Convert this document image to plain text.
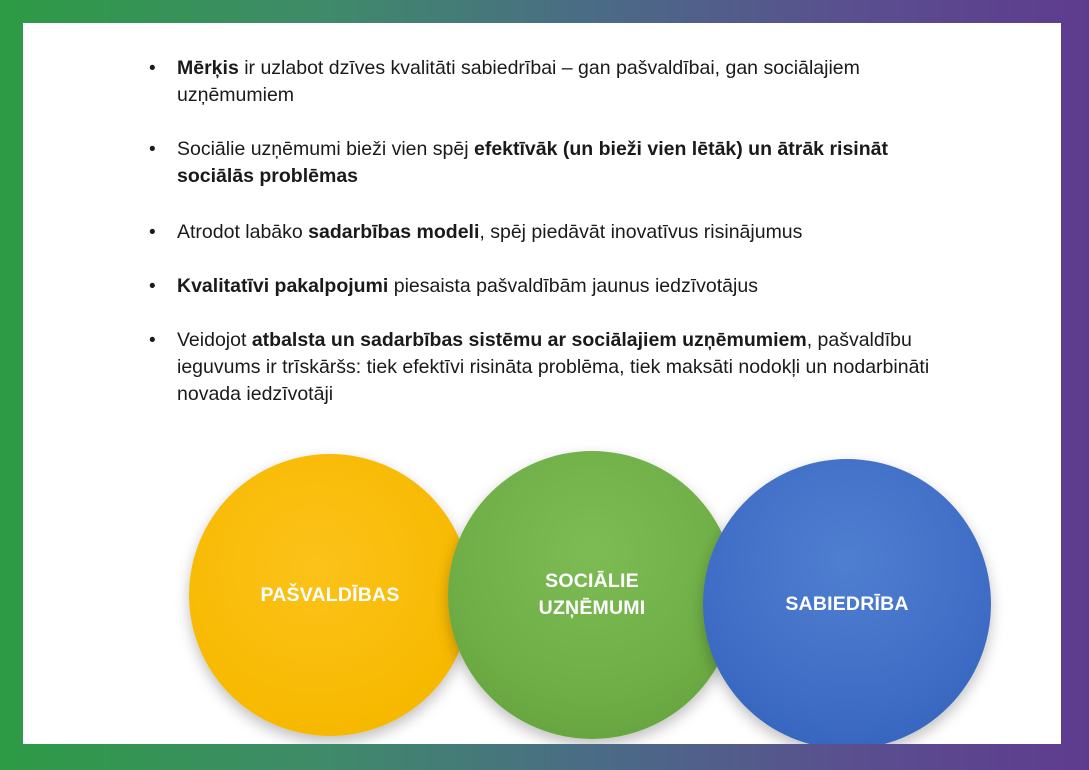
• Mērķis ir uzlabot dzīves kvalitāti sabiedrībai – gan pašvaldībai, gan sociālajiem uzņēmumiem
• Sociālie uzņēmumi bieži vien spēj efektīvāk (un bieži vien lētāk) un ātrāk risināt sociālās problēmas
• Atrodot labāko sadarbības modeli, spēj piedāvāt inovatīvus risinājumus
• Kvalitatīvi pakalpojumi piesaista pašvaldībām jaunus iedzīvotājus
• Veidojot atbalsta un sadarbības sistēmu ar sociālajiem uzņēmumiem, pašvaldību ieguvums ir trīskāršs: tiek efektīvi risināta problēma, tiek maksāti nodokļi un nodarbināti novada iedzīvotāji
PAŠVALDĪBAS
SOCIĀLIE
UZŅĒMUMI	SABIEDRĪBA
